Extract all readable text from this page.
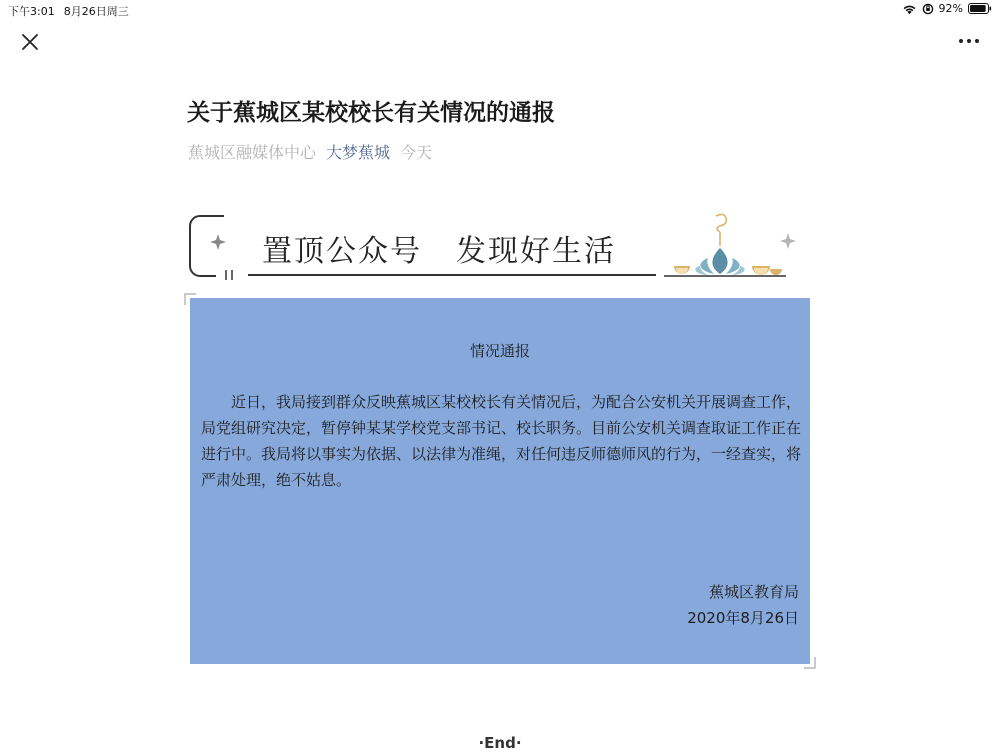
下午3:01 8月26日周三	92%
关于蕉城区某校校长有关情况的通报
蕉城区融媒体中心 大梦蕉城 今天
置顶公众号 发现好生活
情况通报
近日，我局接到群众反映蕉城区某校校长有关情况后，为配合公安机关开展调查工作，局党组研究决定，暂停钟某某学校党支部书记、校长职务。目前公安机关调查取证工作正在进行中。我局将以事实为依据、以法律为准绳，对任何违反师德师风的行为，一经查实，将严肃处理，绝不姑息。
蕉城区教育局
2020年8月26日
·End·
